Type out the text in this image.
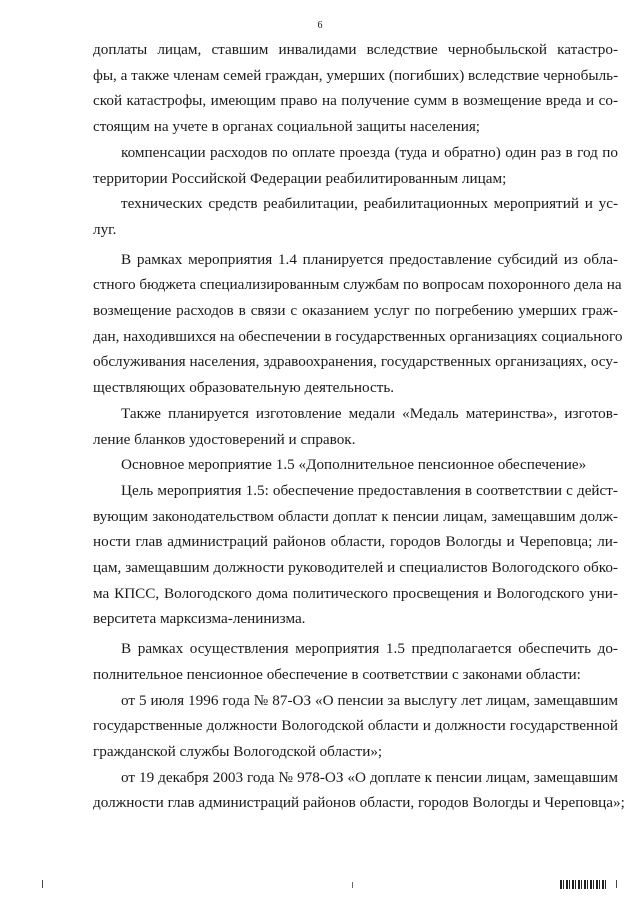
6
доплаты лицам, ставшим инвалидами вследствие чернобыльской катастро-
фы, а также членам семей граждан, умерших (погибших) вследствие чернобыль-
ской катастрофы, имеющим право на получение сумм в возмещение вреда и со-
стоящим на учете в органах социальной защиты населения;
компенсации расходов по оплате проезда (туда и обратно) один раз в год по
территории Российской Федерации реабилитированным лицам;
технических средств реабилитации, реабилитационных мероприятий и ус-
луг.
В рамках мероприятия 1.4 планируется предоставление субсидий из обла-
стного бюджета специализированным службам по вопросам похоронного дела на
возмещение расходов в связи с оказанием услуг по погребению умерших граж-
дан, находившихся на обеспечении в государственных организациях социального
обслуживания населения, здравоохранения, государственных организациях, осу-
ществляющих образовательную деятельность.
Также планируется изготовление медали «Медаль материнства», изготов-
ление бланков удостоверений и справок.
Основное мероприятие 1.5 «Дополнительное пенсионное обеспечение»
Цель мероприятия 1.5: обеспечение предоставления в соответствии с дейст-
вующим законодательством области доплат к пенсии лицам, замещавшим долж-
ности глав администраций районов области, городов Вологды и Череповца; ли-
цам, замещавшим должности руководителей и специалистов Вологодского обко-
ма КПСС, Вологодского дома политического просвещения и Вологодского уни-
верситета марксизма-ленинизма.
В рамках осуществления мероприятия 1.5 предполагается обеспечить до-
полнительное пенсионное обеспечение в соответствии с законами области:
от 5 июля 1996 года № 87-ОЗ «О пенсии за выслугу лет лицам, замещавшим
государственные должности Вологодской области и должности государственной
гражданской службы Вологодской области»;
от 19 декабря 2003 года № 978-ОЗ «О доплате к пенсии лицам, замещавшим
должности глав администраций районов области, городов Вологды и Череповца»;
